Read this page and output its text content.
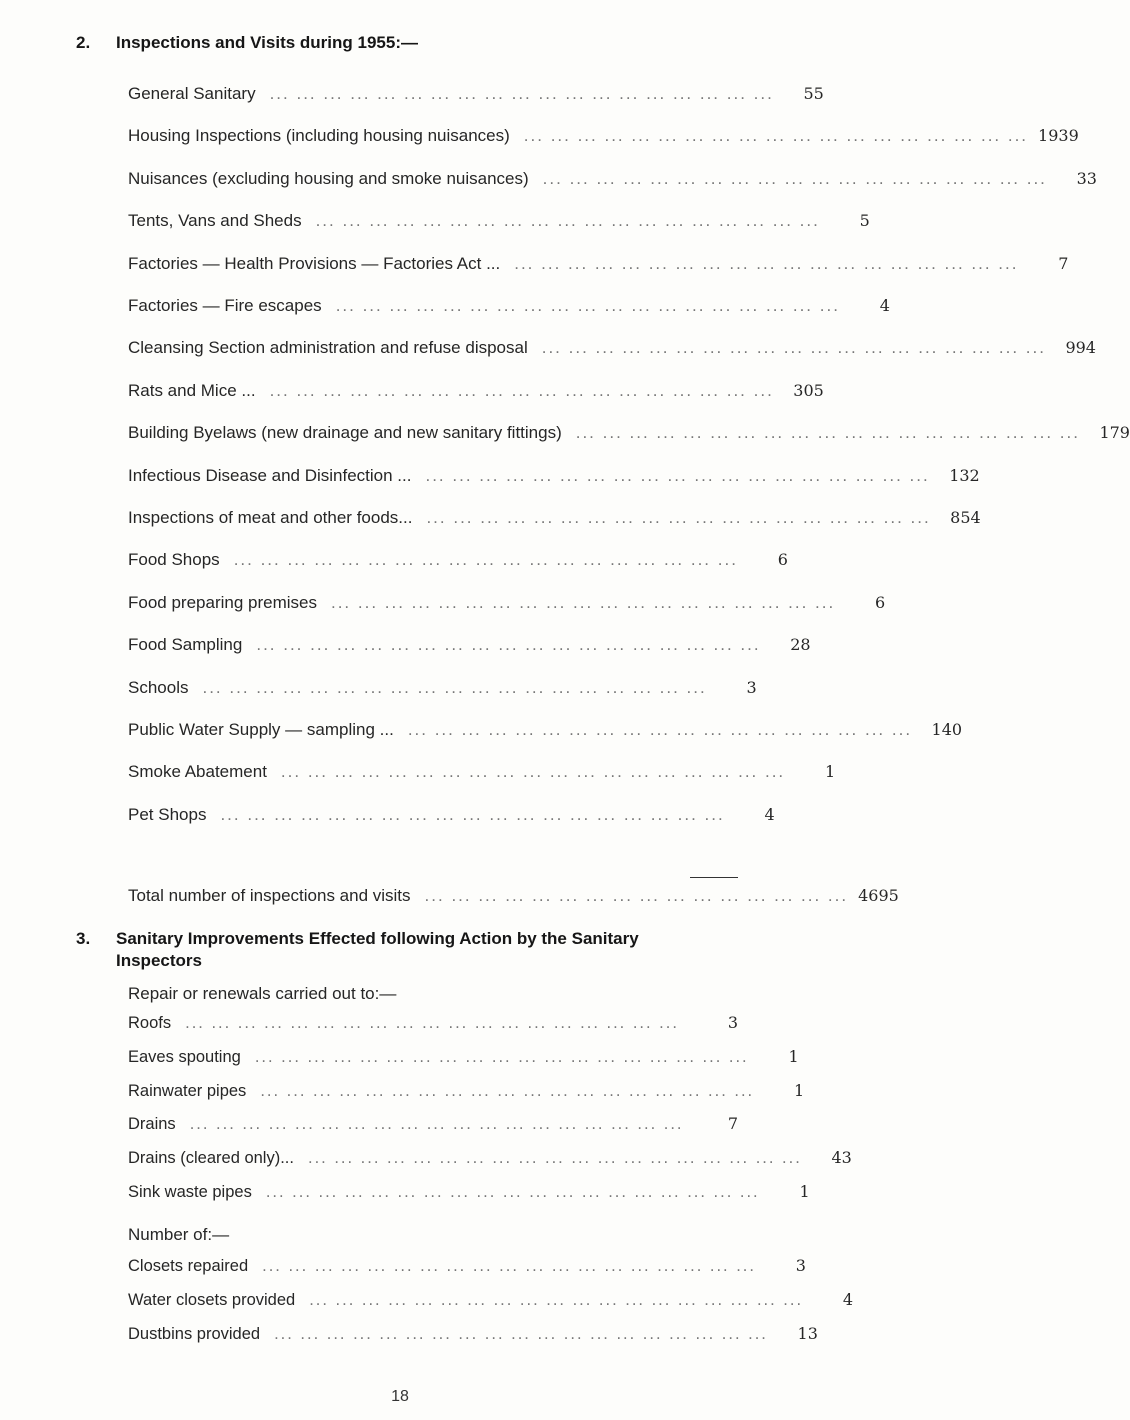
2. Inspections and Visits during 1955:—
General Sanitary ... ... ... ... ... ... ... ... ... ... ... ... ... ... ... ... ... ... ...	55
Housing Inspections (including housing nuisances) ... ... ... ... ... ... ... ... ... ... ... ... ... ... ... ... ... ... ... 1939
Nuisances (excluding housing and smoke nuisances) ... ... ... ... ... ... ... ... ... ... ... ... ... ... ... ... ... ... ...	33
Tents, Vans and Sheds ... ... ... ... ... ... ... ... ... ... ... ... ... ... ... ... ... ... ...	5
Factories — Health Provisions — Factories Act ... ... ... ... ... ... ... ... ... ... ... ... ... ... ... ... ... ... ... ...	7
Factories — Fire escapes ... ... ... ... ... ... ... ... ... ... ... ... ... ... ... ... ... ... ...	4
Cleansing Section administration and refuse disposal ... ... ... ... ... ... ... ... ... ... ... ... ... ... ... ... ... ... ...	994
Rats and Mice ... ... ... ... ... ... ... ... ... ... ... ... ... ... ... ... ... ... ... ...	305
Building Byelaws (new drainage and new sanitary fittings) ... ... ... ... ... ... ... ... ... ... ... ... ... ... ... ... ... ... ...	179
Infectious Disease and Disinfection ... ... ... ... ... ... ... ... ... ... ... ... ... ... ... ... ... ... ... ...	132
Inspections of meat and other foods... ... ... ... ... ... ... ... ... ... ... ... ... ... ... ... ... ... ... ...	854
Food Shops ... ... ... ... ... ... ... ... ... ... ... ... ... ... ... ... ... ... ...	6
Food preparing premises ... ... ... ... ... ... ... ... ... ... ... ... ... ... ... ... ... ... ...	6
Food Sampling ... ... ... ... ... ... ... ... ... ... ... ... ... ... ... ... ... ... ...	28
Schools ... ... ... ... ... ... ... ... ... ... ... ... ... ... ... ... ... ... ...	3
Public Water Supply — sampling ... ... ... ... ... ... ... ... ... ... ... ... ... ... ... ... ... ... ... ...	140
Smoke Abatement ... ... ... ... ... ... ... ... ... ... ... ... ... ... ... ... ... ... ...	1
Pet Shops ... ... ... ... ... ... ... ... ... ... ... ... ... ... ... ... ... ... ...	4
Total number of inspections and visits ... ... ... ... ... ... ... ... ... ... ... ... ... ... ... ... 4695
3. Sanitary Improvements Effected following Action by the Sanitary
Inspectors
Repair or renewals carried out to:—
Roofs ... ... ... ... ... ... ... ... ... ... ... ... ... ... ... ... ... ... ...	3
Eaves spouting ... ... ... ... ... ... ... ... ... ... ... ... ... ... ... ... ... ... ...	1
Rainwater pipes ... ... ... ... ... ... ... ... ... ... ... ... ... ... ... ... ... ... ...	1
Drains ... ... ... ... ... ... ... ... ... ... ... ... ... ... ... ... ... ... ...	7
Drains (cleared only)... ... ... ... ... ... ... ... ... ... ... ... ... ... ... ... ... ... ... ...	43
Sink waste pipes ... ... ... ... ... ... ... ... ... ... ... ... ... ... ... ... ... ... ...	1
Number of:—
Closets repaired ... ... ... ... ... ... ... ... ... ... ... ... ... ... ... ... ... ... ...	3
Water closets provided ... ... ... ... ... ... ... ... ... ... ... ... ... ... ... ... ... ... ...	4
Dustbins provided ... ... ... ... ... ... ... ... ... ... ... ... ... ... ... ... ... ... ...	13
18
